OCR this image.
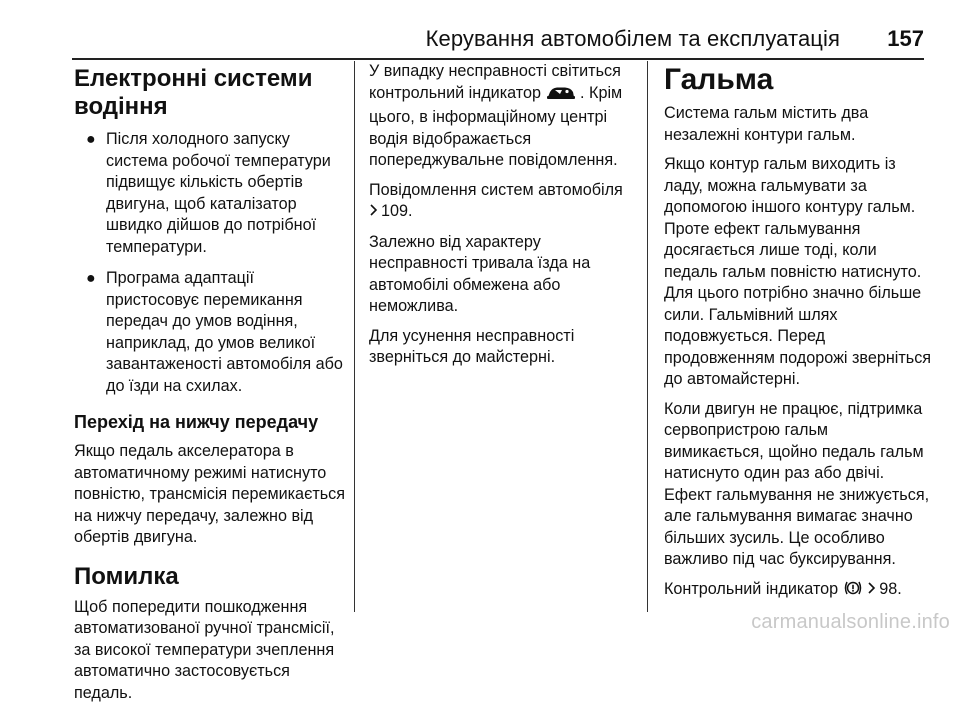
Керування автомобілем та експлуатація 157
Електронні системи водіння
● Після холодного запуску система робочої температури підвищує кількість обертів двигуна, щоб каталізатор швидко дійшов до потрібної температури.
● Програма адаптації пристосовує перемикання передач до умов водіння, наприклад, до умов великої завантаженості автомобіля або до їзди на схилах.
Перехід на нижчу передачу

Якщо педаль акселератора в автоматичному режимі натиснуто повністю, трансмісія перемикається на нижчу передачу, залежно від обертів двигуна.

Помилка

Щоб попередити пошкодження автоматизованої ручної трансмісії, за високої температури зчеплення автоматично застосовується педаль.

У випадку несправності світиться контрольний індикатор . Крім цього, в інформаційному центрі водія відображається попереджувальне повідомлення.

Повідомлення систем автомобіля
109.

Залежно від характеру несправності тривала їзда на автомобілі обмежена або неможлива.

Для усунення несправності зверніться до майстерні.

Гальма

Система гальм містить два незалежні контури гальм.

Якщо контур гальм виходить із ладу, можна гальмувати за допомогою іншого контуру гальм. Проте ефект гальмування досягається лише тоді, коли педаль гальм повністю натиснуто. Для цього потрібно значно більше сили. Гальмівний шлях подовжується. Перед продовженням подорожі зверніться до автомайстерні.

Коли двигун не працює, підтримка сервопристрою гальм вимикається, щойно педаль гальм натиснуто один раз або двічі. Ефект гальмування не знижується, але гальмування вимагає значно більших зусиль. Це особливо важливо під час буксирування.

Контрольний індикатор	98.

carmanualsonline.info
